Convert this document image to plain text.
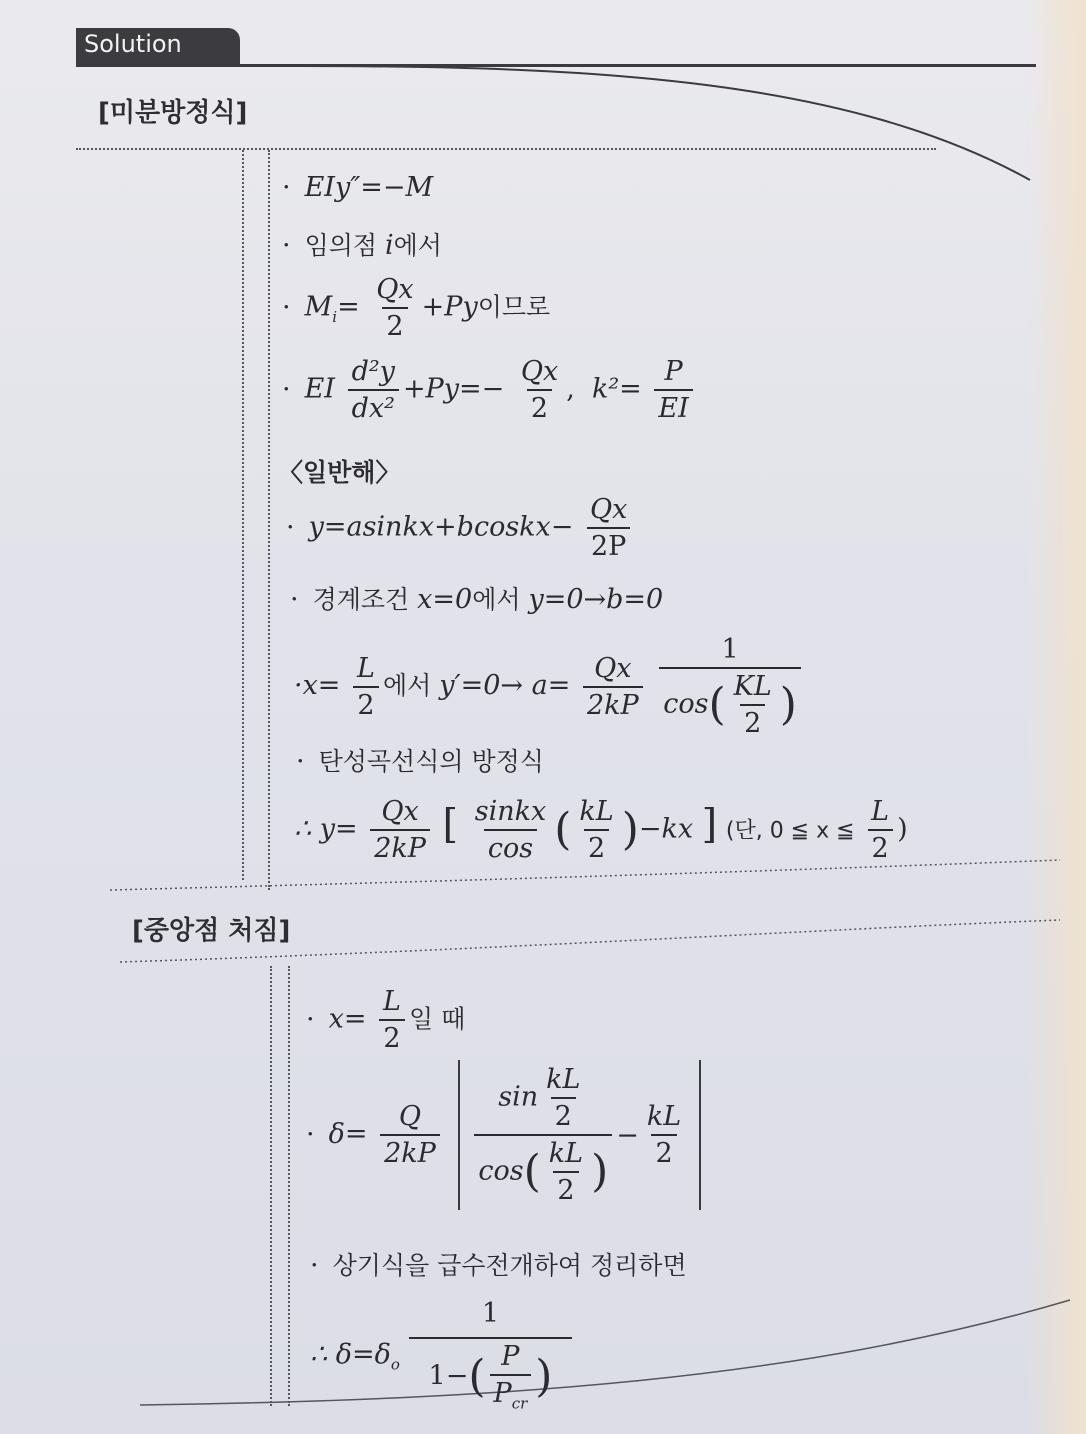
Solution
[미분방정식]
· EIy″=−M
· 임의점 i에서
· $M_i= \frac{Qx}{2} +Py$이므로
· EI $\frac{\text{d²y}}{\text{dx²}} +Py=- \frac{Qx}{2}$ ,  $k^2= \frac{P}{EI}$
〈일반해〉
· y=asinkx+bcoskx− $\frac{Qx}{2P}$
· 경계조건 x=0에서 y=0→b=0
$\cdot x= \frac{L}{2}$ 에서 $y'=0\to a= \frac{Qx}{2kP}$
$\frac{1}{\cos( \frac{KL}{2} )}$
· 탄성곡선식의 방정식
∴ $y= \frac{Qx}{2kP}$ [ $\frac{\text{sinkx}}{\cos}$ ( $\frac{kL}{2} )-kx$ ] (단, 0 ≦ x ≦ $\frac{L}{2}$ )
[중앙점 처짐]
· $x= \frac{L}{2}$ 일 때
· $\delta= \frac{Q}{2kP}$
$\frac{\sin \frac{kL}{2}}{\cos( \frac{kL}{2} )} - \frac{kL}{2}$
· 상기식을 급수전개하여 정리하면
∴ $\delta=\delta_o \frac{1}{1-( \frac{P}{P_{cr}} )}$
